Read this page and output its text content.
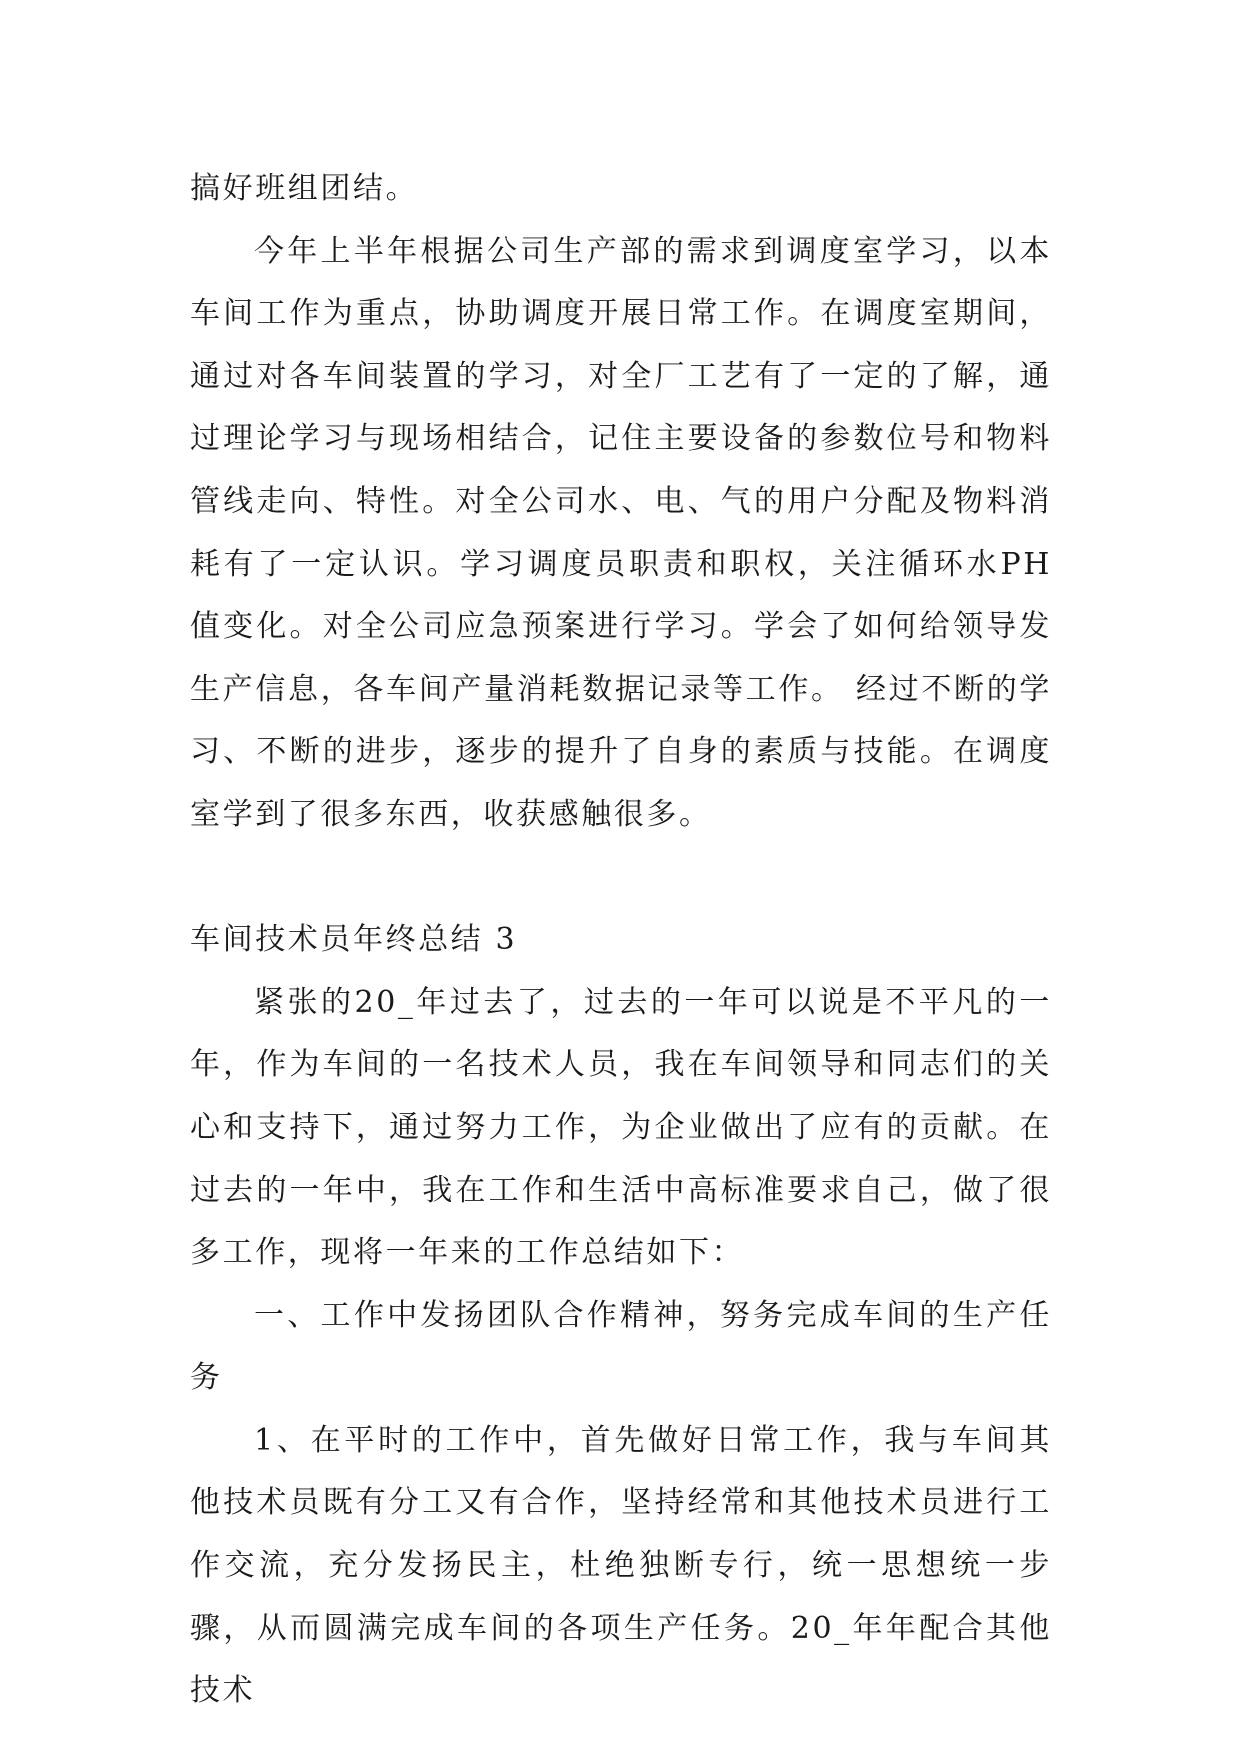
搞好班组团结。

今年上半年根据公司生产部的需求到调度室学习，以本车间工作为重点，协助调度开展日常工作。在调度室期间，通过对各车间装置的学习，对全厂工艺有了一定的了解，通过理论学习与现场相结合，记住主要设备的参数位号和物料管线走向、特性。对全公司水、电、气的用户分配及物料消耗有了一定认识。学习调度员职责和职权，关注循环水PH值变化。对全公司应急预案进行学习。学会了如何给领导发生产信息，各车间产量消耗数据记录等工作。 经过不断的学习、不断的进步，逐步的提升了自身的素质与技能。在调度室学到了很多东西，收获感触很多。

车间技术员年终总结 3

紧张的20_年过去了，过去的一年可以说是不平凡的一年，作为车间的一名技术人员，我在车间领导和同志们的关心和支持下，通过努力工作，为企业做出了应有的贡献。在过去的一年中，我在工作和生活中高标准要求自己，做了很多工作，现将一年来的工作总结如下：

一、工作中发扬团队合作精神，努务完成车间的生产任务

1、在平时的工作中，首先做好日常工作，我与车间其他技术员既有分工又有合作，坚持经常和其他技术员进行工作交流，充分发扬民主，杜绝独断专行，统一思想统一步骤，从而圆满完成车间的各项生产任务。20_年年配合其他技术
